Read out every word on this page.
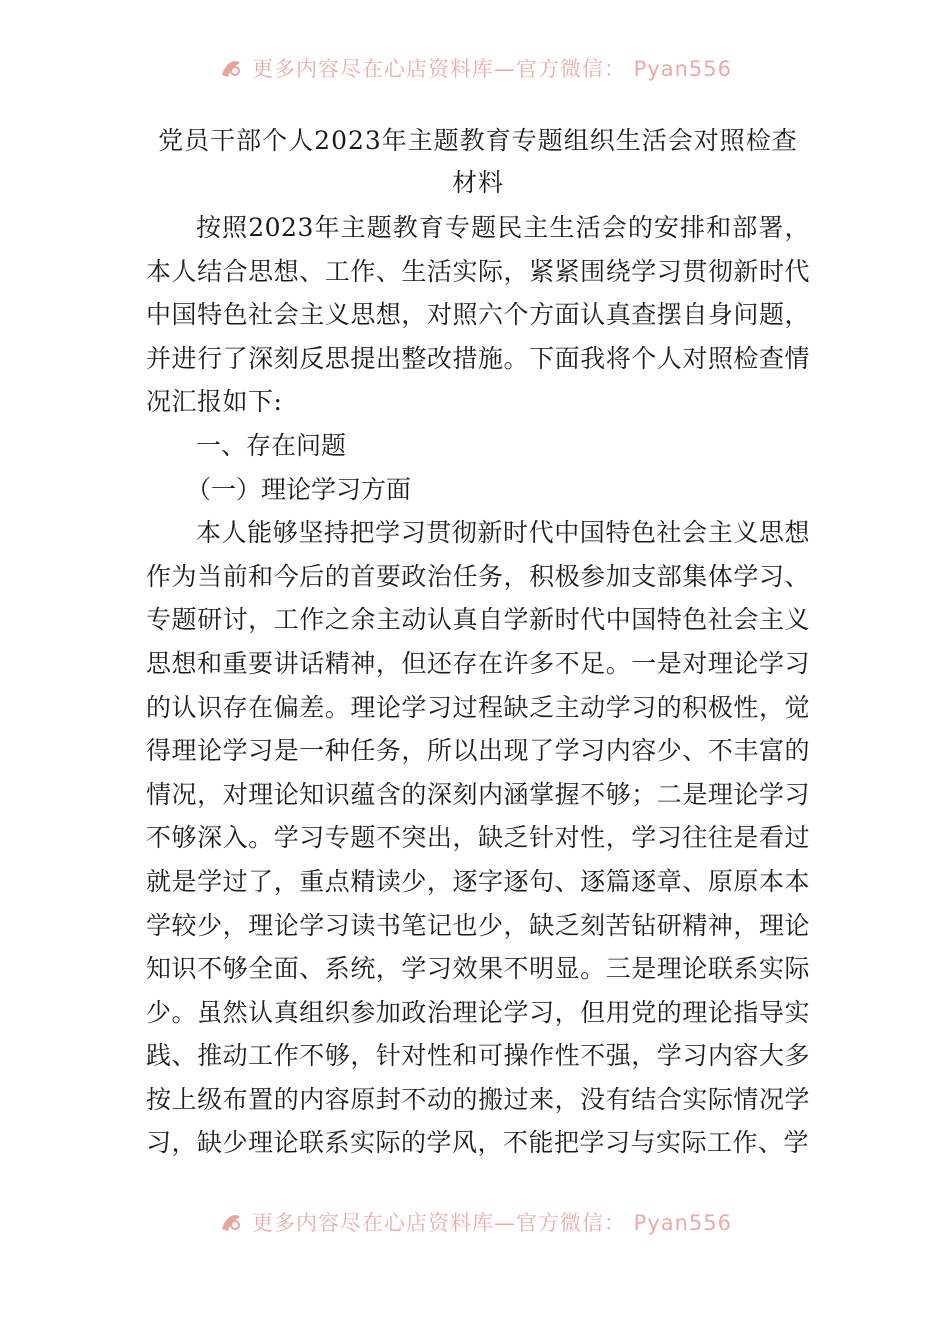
更多内容尽在心店资料库—官方微信： Pyan556
党员干部个人2023年主题教育专题组织生活会对照检查材料

按照2023年主题教育专题民主生活会的安排和部署，本人结合思想、工作、生活实际，紧紧围绕学习贯彻新时代中国特色社会主义思想，对照六个方面认真查摆自身问题，并进行了深刻反思提出整改措施。下面我将个人对照检查情况汇报如下:

一、存在问题

（一）理论学习方面

本人能够坚持把学习贯彻新时代中国特色社会主义思想作为当前和今后的首要政治任务，积极参加支部集体学习、专题研讨，工作之余主动认真自学新时代中国特色社会主义思想和重要讲话精神，但还存在许多不足。一是对理论学习的认识存在偏差。理论学习过程缺乏主动学习的积极性，觉得理论学习是一种任务，所以出现了学习内容少、不丰富的情况，对理论知识蕴含的深刻内涵掌握不够；二是理论学习不够深入。学习专题不突出，缺乏针对性，学习往往是看过就是学过了，重点精读少，逐字逐句、逐篇逐章、原原本本学较少，理论学习读书笔记也少，缺乏刻苦钻研精神，理论知识不够全面、系统，学习效果不明显。三是理论联系实际少。虽然认真组织参加政治理论学习，但用党的理论指导实践、推动工作不够，针对性和可操作性不强，学习内容大多按上级布置的内容原封不动的搬过来，没有结合实际情况学习，缺少理论联系实际的学风，不能把学习与实际工作、学

更多内容尽在心店资料库—官方微信： Pyan556
